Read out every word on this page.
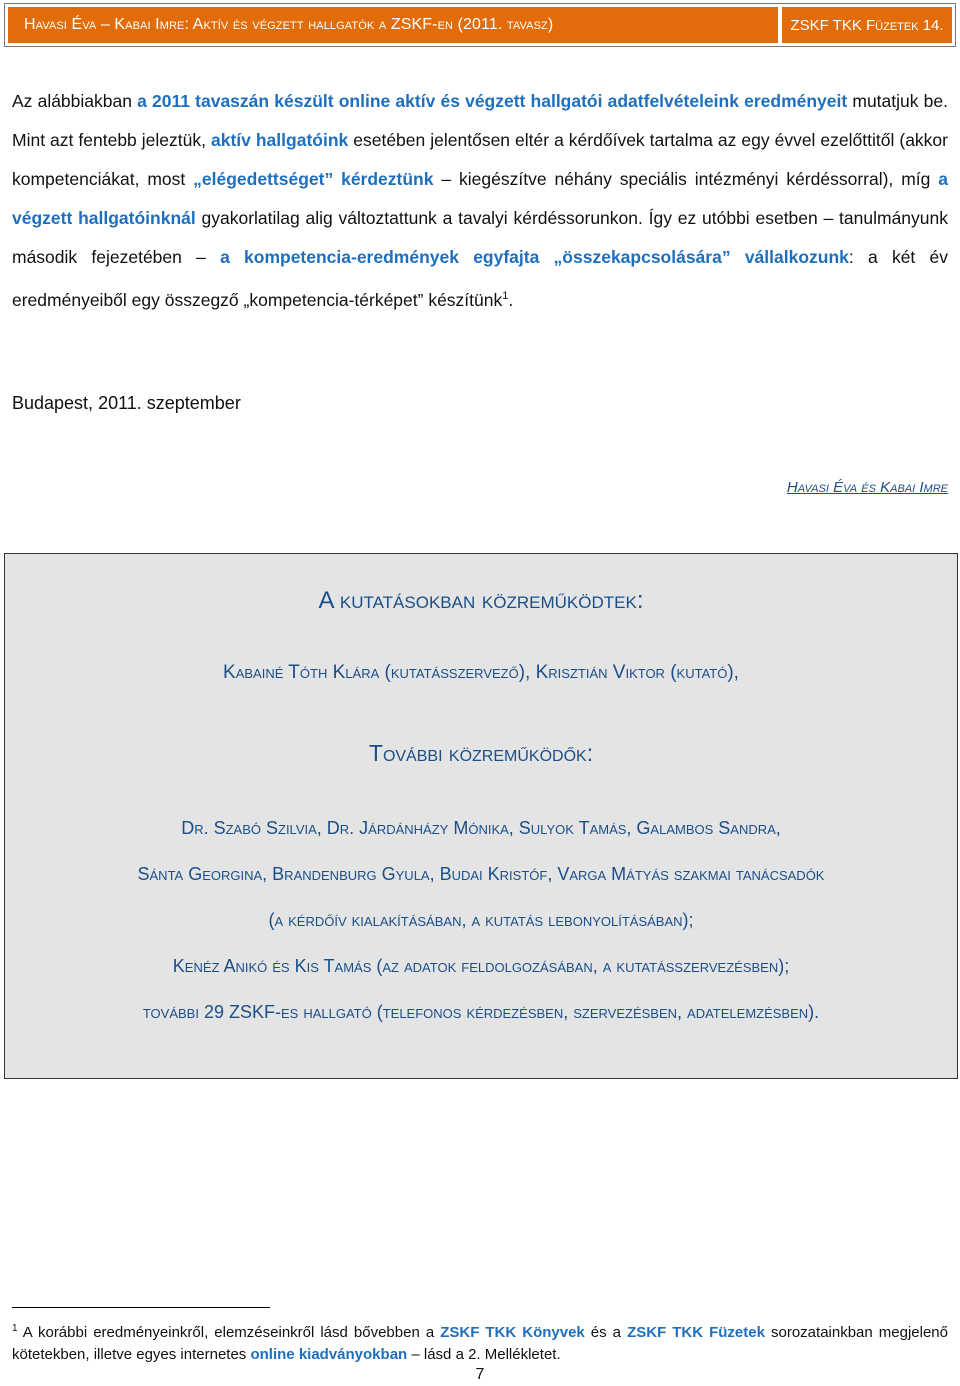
Havasi Éva – Kabai Imre: Aktív és végzett hallgatók a ZSKF-en (2011. tavasz)	ZSKF TKK Füzetek 14.

Az alábbiakban a 2011 tavaszán készült online aktív és végzett hallgatói adatfelvételeink eredményeit mutatjuk be. Mint azt fentebb jeleztük, aktív hallgatóink esetében jelentősen eltér a kérdőívek tartalma az egy évvel ezelőttitől (akkor kompetenciákat, most „elégedettséget” kérdeztünk – kiegészítve néhány speciális intézményi kérdéssorral), míg a végzett hallgatóinknál gyakorlatilag alig változtattunk a tavalyi kérdéssorunkon. Így ez utóbbi esetben – tanulmányunk második fejezetében – a kompetencia-eredmények egyfajta „összekapcsolására” vállalkozunk: a két év eredményeiből egy összegző „kompetencia-térképet” készítünk$^1$.

Budapest, 2011. szeptember
Havasi Éva és Kabai Imre
A kutatásokban közreműködtek:
Kabainé Tóth Klára (kutatásszervező), Krisztián Viktor (kutató),
További közreműködők:
Dr. Szabó Szilvia, Dr. Járdánházy Mónika, Sulyok Tamás, Galambos Sandra,
Sánta Georgina, Brandenburg Gyula, Budai Kristóf, Varga Mátyás szakmai tanácsadók
(a kérdőív kialakításában, a kutatás lebonyolításában);
Kenéz Anikó és Kis Tamás (az adatok feldolgozásában, a kutatásszervezésben);
további 29 ZSKF-es hallgató (telefonos kérdezésben, szervezésben, adatelemzésben).

$^1$ A korábbi eredményeinkről, elemzéseinkről lásd bővebben a ZSKF TKK Könyvek és a ZSKF TKK Füzetek sorozatainkban megjelenő kötetekben, illetve egyes internetes online kiadványokban – lásd a 2. Mellékletet.

7
